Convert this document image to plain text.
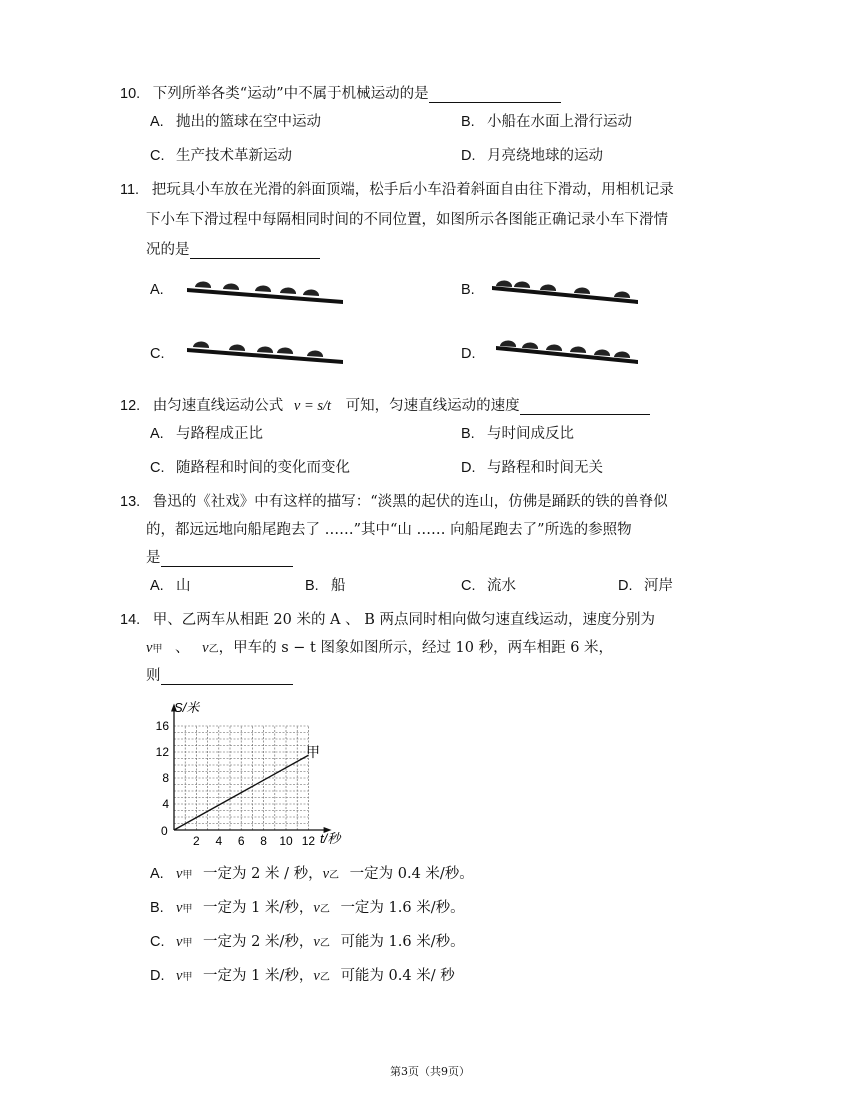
10. 下列所举各类“运动”中不属于机械运动的是
A. 抛出的篮球在空中运动	B. 小船在水面上滑行运动
C. 生产技术革新运动	D. 月亮绕地球的运动
11. 把玩具小车放在光滑的斜面顶端，松手后小车沿着斜面自由往下滑动，用相机记录
下小车下滑过程中每隔相同时间的不同位置，如图所示各图能正确记录小车下滑情
况的是
A.	B.
C.	D.
12. 由匀速直线运动公式 v = s/t 可知，匀速直线运动的速度
A. 与路程成正比	B. 与时间成反比
C. 随路程和时间的变化而变化	D. 与路程和时间无关
13. 鲁迅的《社戏》中有这样的描写：“淡黑的起伏的连山，仿佛是踊跃的铁的兽脊似
的，都远远地向船尾跑去了 ……”其中“山 …… 向船尾跑去了”所选的参照物
是
A. 山	B. 船	C. 流水	D. 河岸
14. 甲、乙两车从相距 20 米的 A 、 B 两点同时相向做匀速直线运动，速度分别为
v甲 、 v乙，甲车的 s − t 图象如图所示，经过 10 秒，两车相距 6 米，
则
0
2 4 6 8 10 12
4
8
12
16
S/米
t/秒
甲
A. v甲 一定为 2 米 / 秒，v乙 一定为 0.4 米/秒。
B. v甲 一定为 1 米/秒，v乙 一定为 1.6 米/秒。
C. v甲 一定为 2 米/秒，v乙 可能为 1.6 米/秒。
D. v甲 一定为 1 米/秒，v乙 可能为 0.4 米/ 秒
第3页（共9页）
